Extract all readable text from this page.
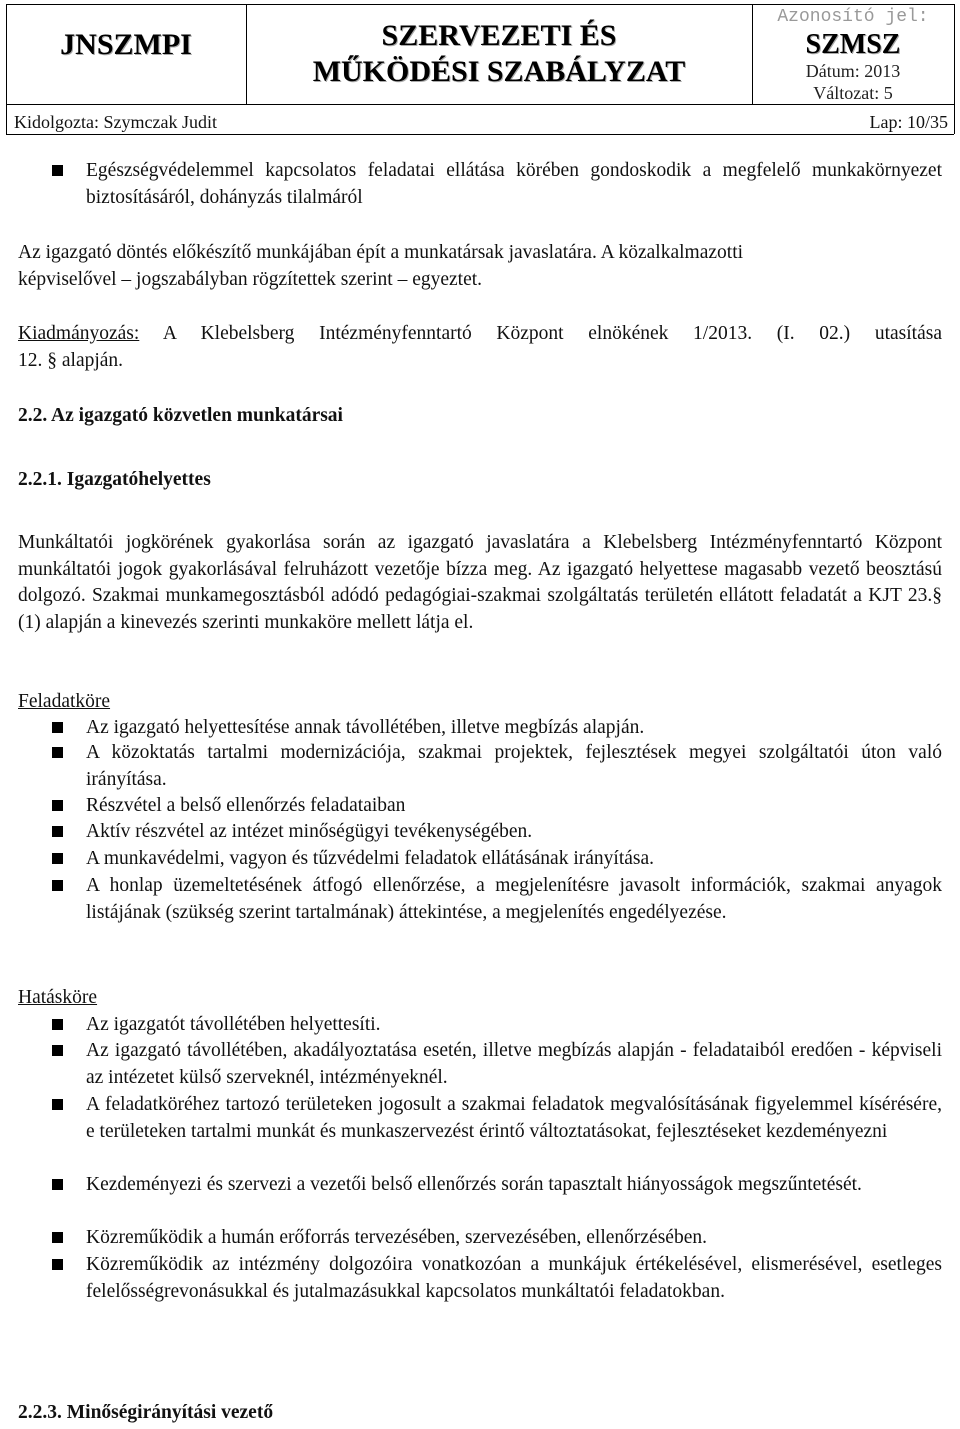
JNSZMPI	SZERVEZETI ÉS
MŰKÖDÉSI SZABÁLYZAT
Azonosító jel:
SZMSZ
Dátum: 2013
Változat: 5
Kidolgozta: Szymczak Judit	Lap: 10/35
Egészségvédelemmel kapcsolatos feladatai ellátása körében gondoskodik a megfelelő munkakörnyezet biztosításáról, dohányzás tilalmáról
Az igazgató döntés előkészítő munkájában épít a munkatársak javaslatára. A közalkalmazotti
képviselővel – jogszabályban rögzítettek szerint – egyeztet.
Kiadmányozás: A Klebelsberg Intézményfenntartó Központ elnökének 1/2013. (I. 02.) utasítása
12. § alapján.
2.2. Az igazgató közvetlen munkatársai
2.2.1. Igazgatóhelyettes
Munkáltatói jogkörének gyakorlása során az igazgató javaslatára a Klebelsberg Intézményfenntartó Központ munkáltatói jogok gyakorlásával felruházott vezetője bízza meg. Az igazgató helyettese magasabb vezető beosztású dolgozó. Szakmai munkamegosztásból adódó pedagógiai-szakmai szolgáltatás területén ellátott feladatát a KJT 23.§ (1) alapján a kinevezés szerinti munkaköre mellett látja el.
Feladatköre
Az igazgató helyettesítése annak távollétében, illetve megbízás alapján.
A közoktatás tartalmi modernizációja, szakmai projektek, fejlesztések megyei szolgáltatói úton való irányítása.
Részvétel a belső ellenőrzés feladataiban
Aktív részvétel az intézet minőségügyi tevékenységében.
A munkavédelmi, vagyon és tűzvédelmi feladatok ellátásának irányítása.
A honlap üzemeltetésének átfogó ellenőrzése, a megjelenítésre javasolt információk, szakmai anyagok listájának (szükség szerint tartalmának) áttekintése, a megjelenítés engedélyezése.
Hatásköre
Az igazgatót távollétében helyettesíti.
Az igazgató távollétében, akadályoztatása esetén, illetve megbízás alapján - feladataiból eredően - képviseli az intézetet külső szerveknél, intézményeknél.
A feladatköréhez tartozó területeken jogosult a szakmai feladatok megvalósításának figyelemmel kísérésére, e területeken tartalmi munkát és munkaszervezést érintő változtatásokat, fejlesztéseket kezdeményezni
Kezdeményezi és szervezi a vezetői belső ellenőrzés során tapasztalt hiányosságok megszűntetését.
Közreműködik a humán erőforrás tervezésében, szervezésében, ellenőrzésében.
Közreműködik az intézmény dolgozóira vonatkozóan a munkájuk értékelésével, elismerésével, esetleges felelősségrevonásukkal és jutalmazásukkal kapcsolatos munkáltatói feladatokban.
2.2.3. Minőségirányítási vezető
